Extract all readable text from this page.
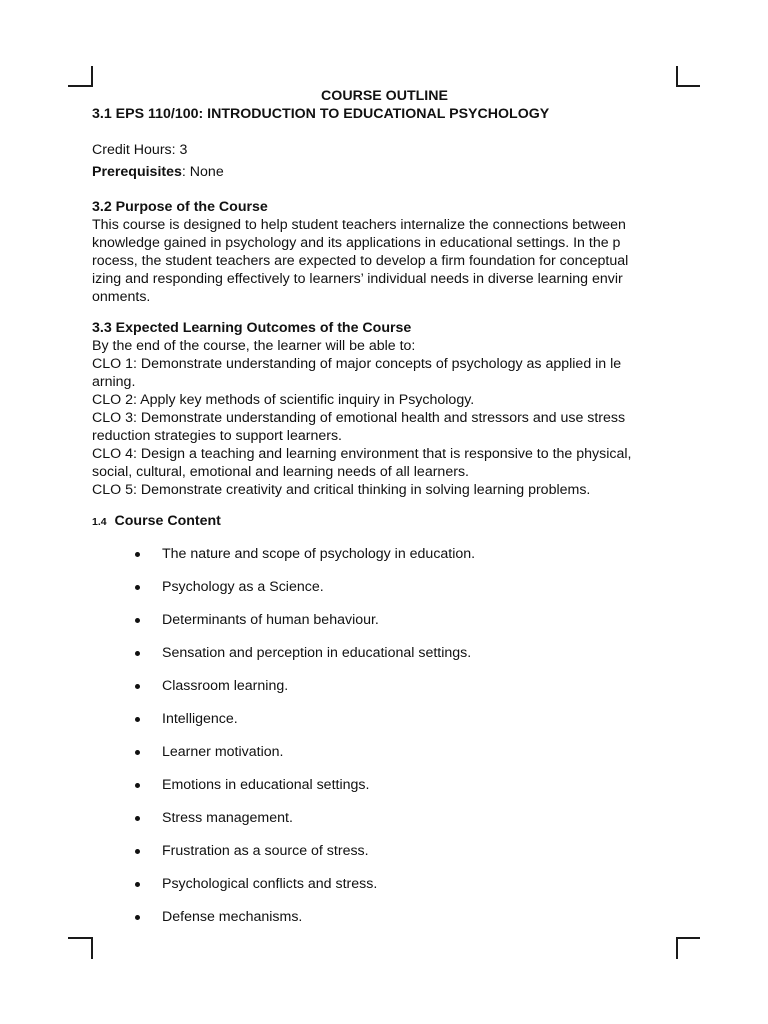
COURSE OUTLINE

3.1 EPS 110/100: INTRODUCTION TO EDUCATIONAL PSYCHOLOGY

Credit Hours: 3

Prerequisites: None

3.2 Purpose of the Course

This course is designed to help student teachers internalize the connections between

knowledge gained in psychology and its applications in educational settings. In the p

rocess, the student teachers are expected to develop a firm foundation for conceptual

izing and responding effectively to learners’ individual needs in diverse learning envir

onments.

3.3 Expected Learning Outcomes of the Course

By the end of the course, the learner will be able to:

CLO 1: Demonstrate understanding of major concepts of psychology as applied in le

arning.

CLO 2: Apply key methods of scientific inquiry in Psychology.

CLO 3: Demonstrate understanding of emotional health and stressors and use stress

reduction strategies to support learners.

CLO 4: Design a teaching and learning environment that is responsive to the physical,

social, cultural, emotional and learning needs of all learners.

CLO 5: Demonstrate creativity and critical thinking in solving learning problems.

1.4 Course Content

The nature and scope of psychology in education.
Psychology as a Science.
Determinants of human behaviour.
Sensation and perception in educational settings.
Classroom learning.
Intelligence.
Learner motivation.
Emotions in educational settings.
Stress management.
Frustration as a source of stress.
Psychological conflicts and stress.
Defense mechanisms.
